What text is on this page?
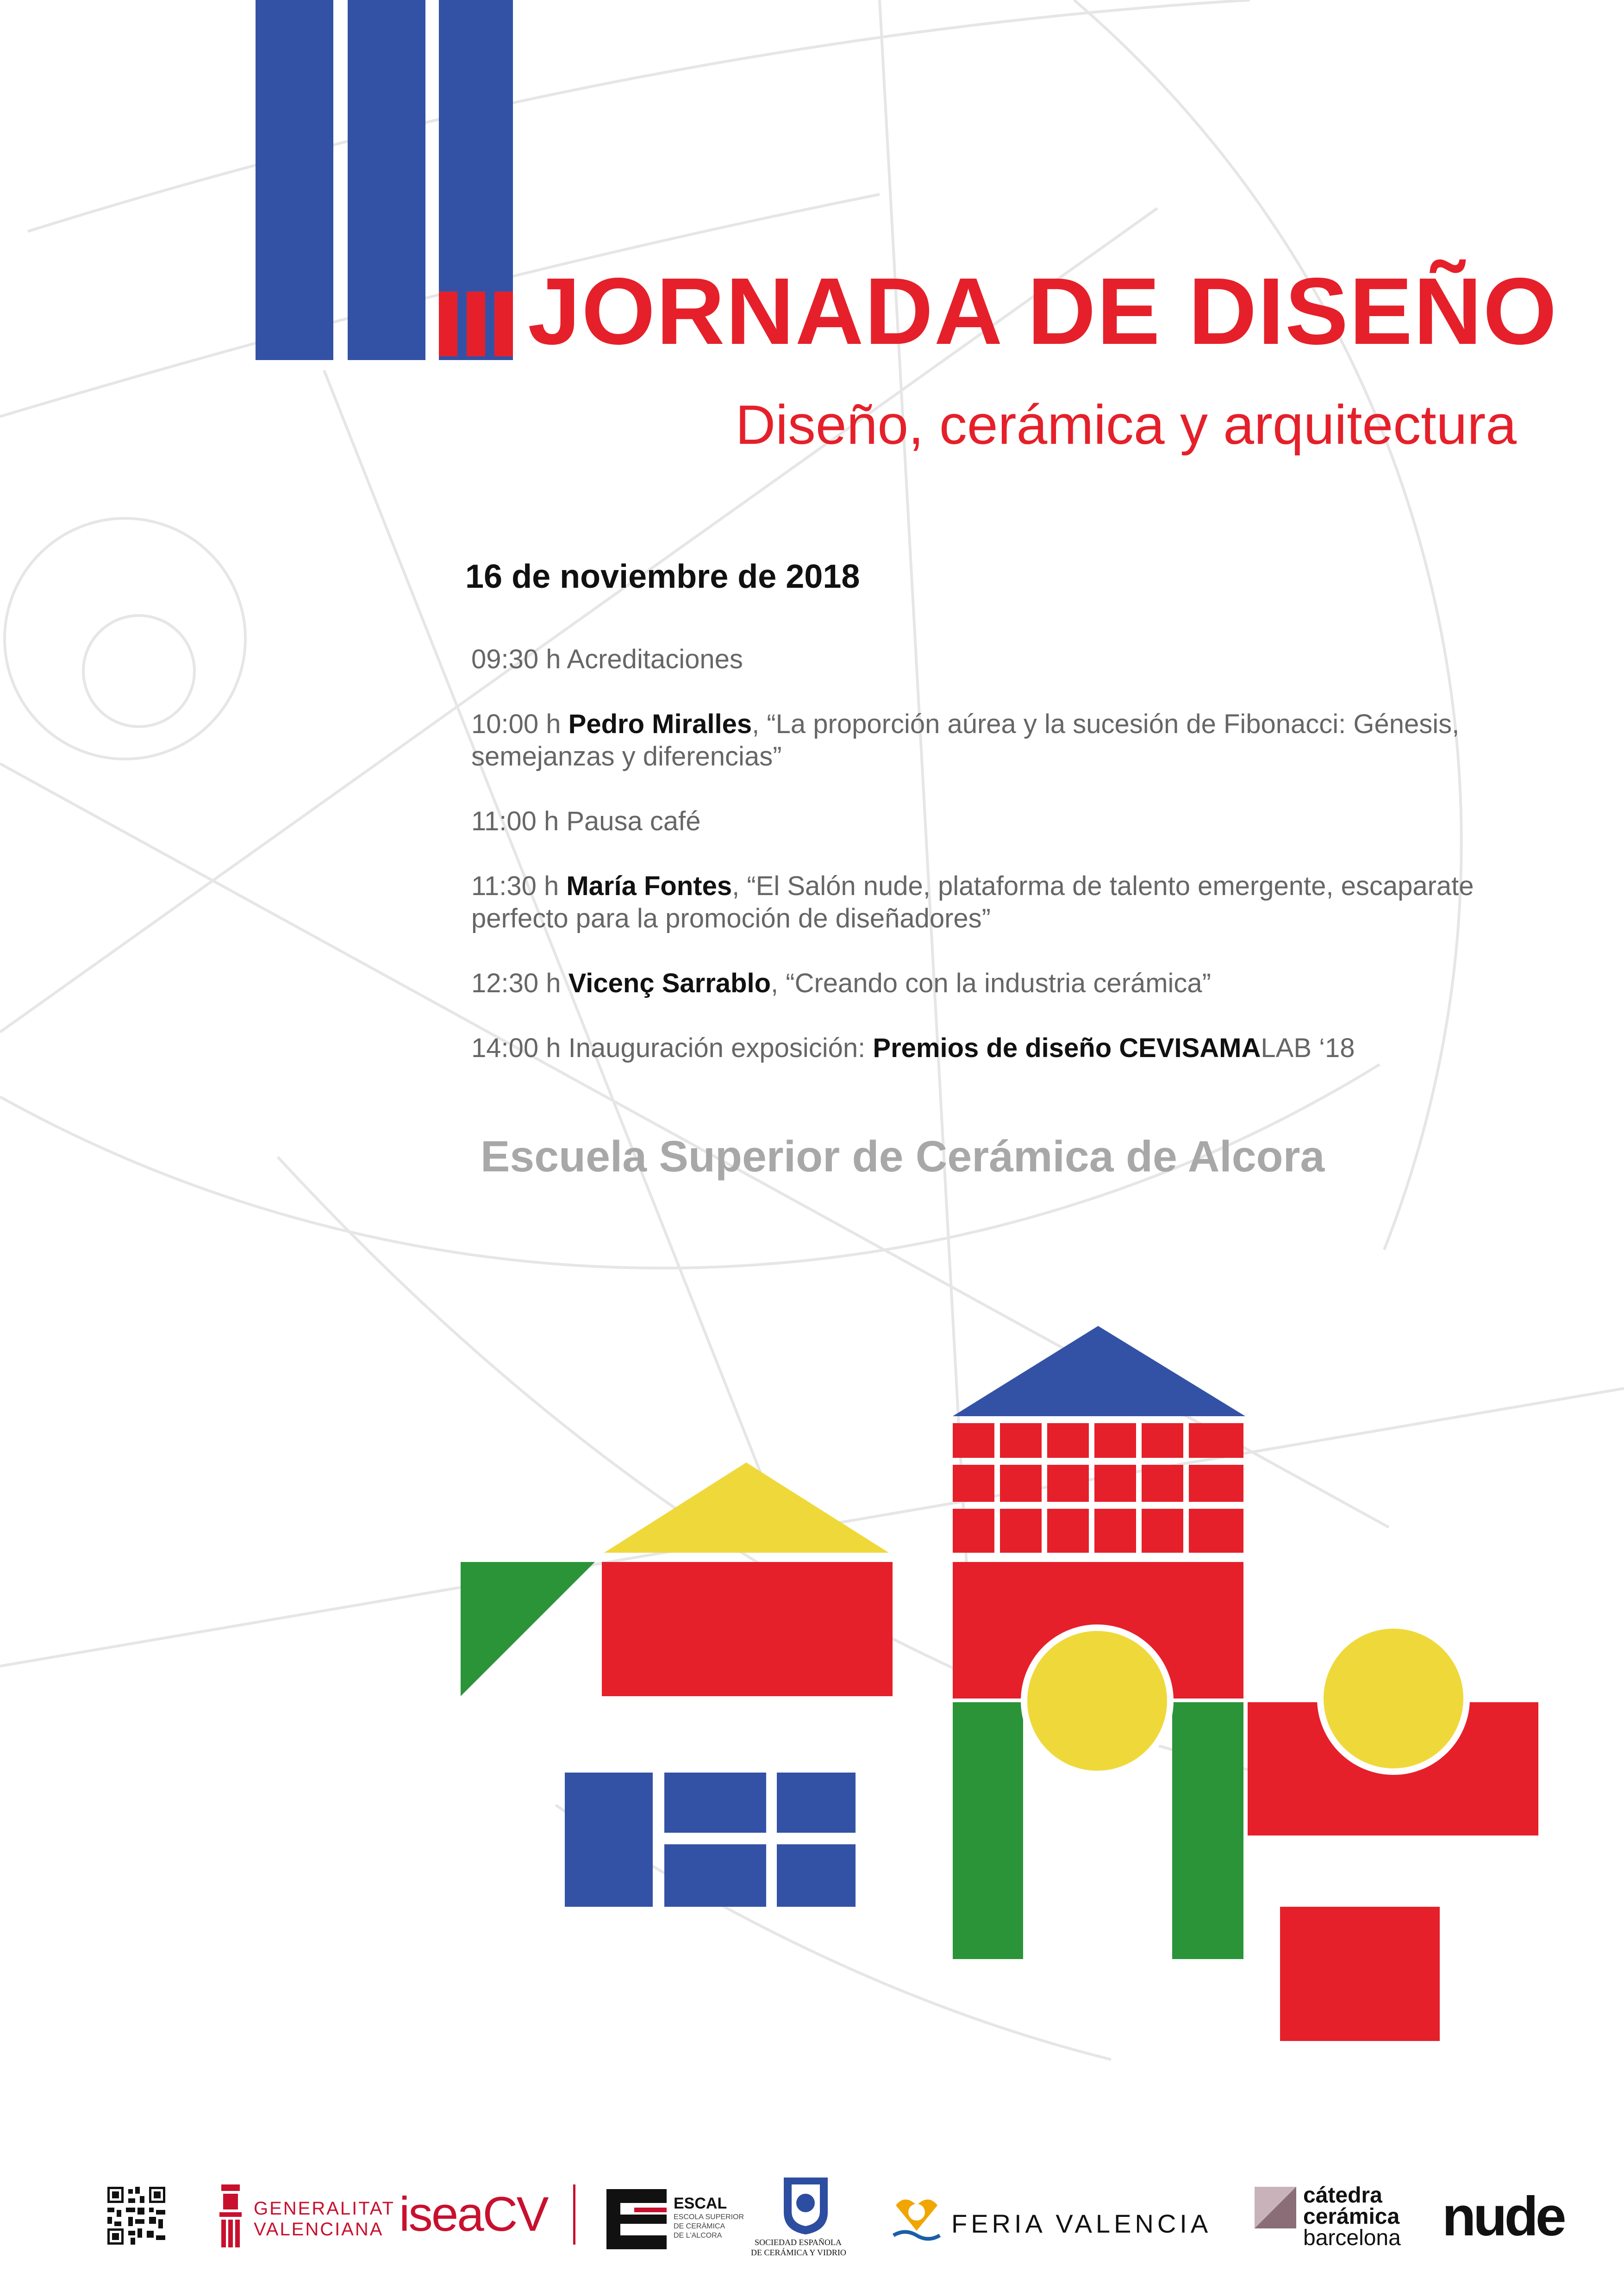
JORNADA DE DISEÑO
Diseño, cerámica y arquitectura
16 de noviembre de 2018
09:30 h Acreditaciones
10:00 h Pedro Miralles, “La proporción aúrea y la sucesión de Fibonacci: Génesis, semejanzas y diferencias”
11:00 h Pausa café
11:30 h María Fontes, “El Salón nude, plataforma de talento emergente, escaparate perfecto para la promoción de diseñadores”
12:30 h Vicenç Sarrablo, “Creando con la industria cerámica”
14:00 h Inauguración exposición: Premios de diseño CEVISAMALAB ‘18
Escuela Superior de Cerámica de Alcora
GENERALITAT
VALENCIANA iseaCV	ESCAL
ESCOLA SUPERIOR
DE CERÀMICA
DE L'ALCORA
SOCIEDAD ESPAÑOLA
DE CERÁMICA Y VIDRIO
FERIA VALENCIA
cátedra
cerámica
barcelona nude
